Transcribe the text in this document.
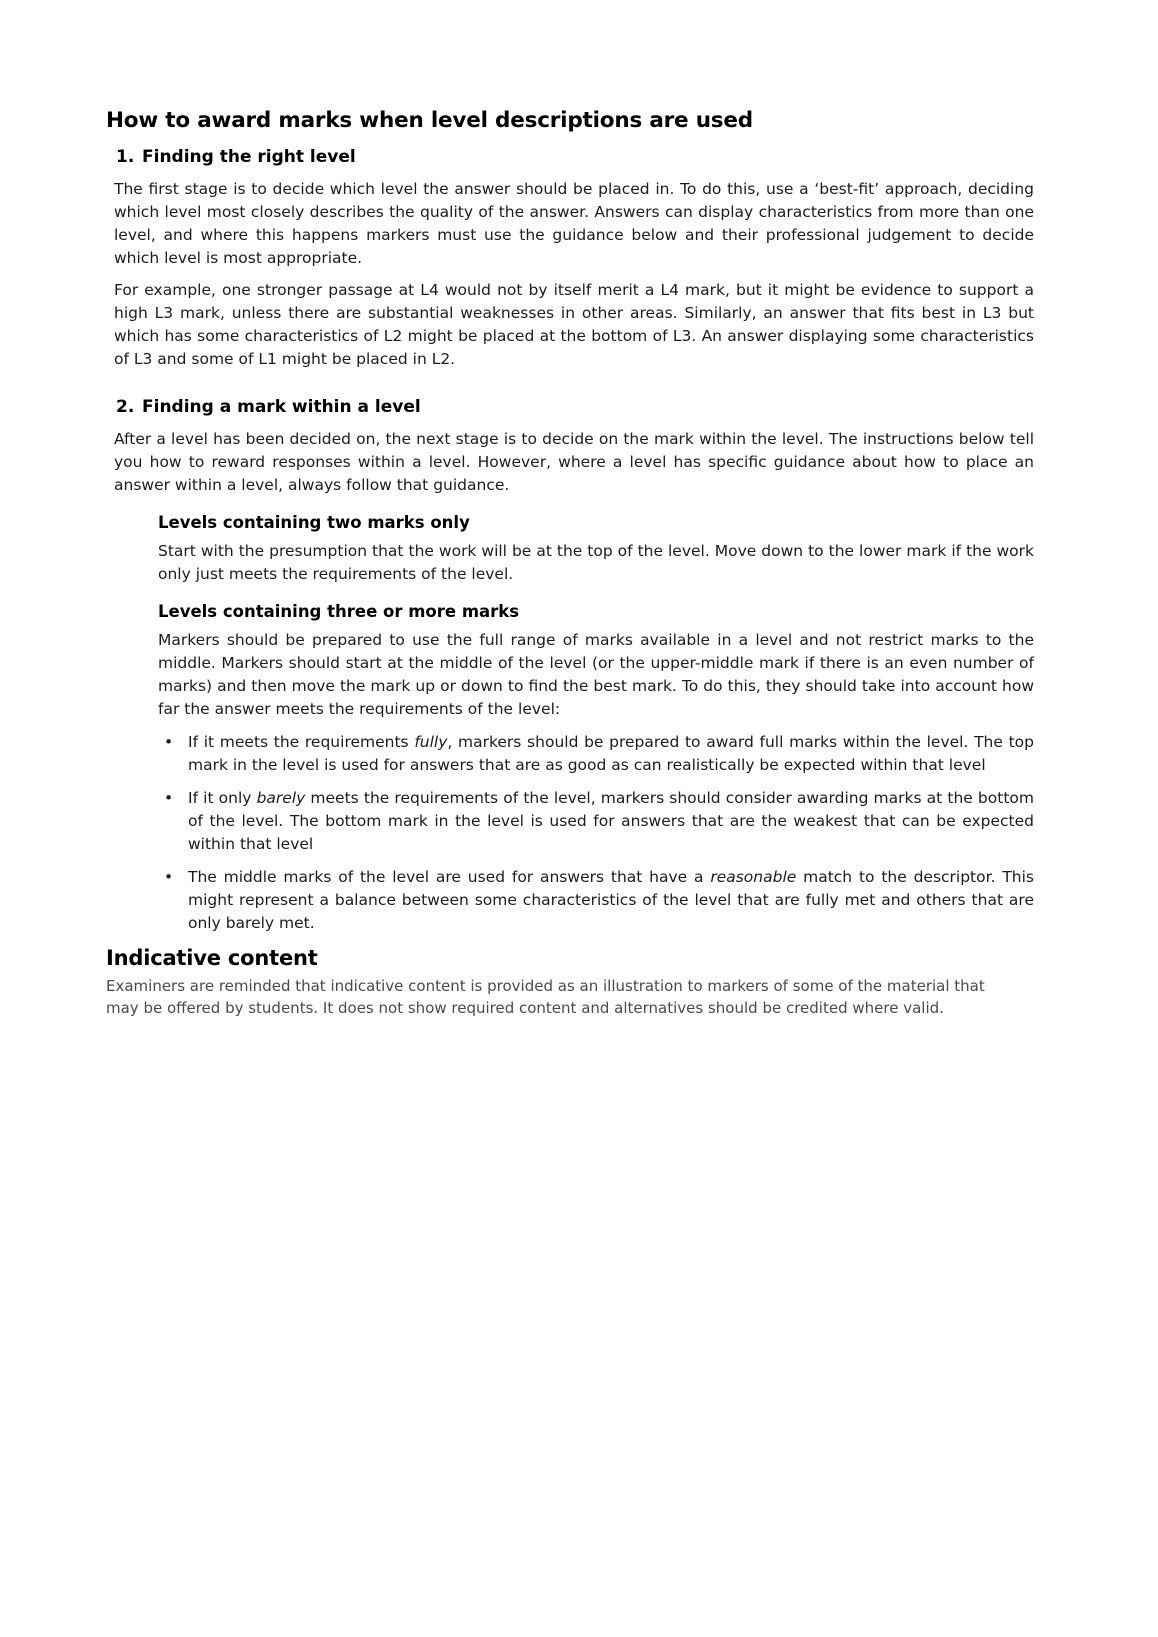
How to award marks when level descriptions are used
1. Finding the right level

The first stage is to decide which level the answer should be placed in. To do this, use a ‘best-fit’ approach, deciding which level most closely describes the quality of the answer. Answers can display characteristics from more than one level, and where this happens markers must use the guidance below and their professional judgement to decide which level is most appropriate.

For example, one stronger passage at L4 would not by itself merit a L4 mark, but it might be evidence to support a high L3 mark, unless there are substantial weaknesses in other areas. Similarly, an answer that fits best in L3 but which has some characteristics of L2 might be placed at the bottom of L3. An answer displaying some characteristics of L3 and some of L1 might be placed in L2.

2. Finding a mark within a level

After a level has been decided on, the next stage is to decide on the mark within the level. The instructions below tell you how to reward responses within a level. However, where a level has specific guidance about how to place an answer within a level, always follow that guidance.

Levels containing two marks only

Start with the presumption that the work will be at the top of the level. Move down to the lower mark if the work only just meets the requirements of the level.

Levels containing three or more marks

Markers should be prepared to use the full range of marks available in a level and not restrict marks to the middle. Markers should start at the middle of the level (or the upper-middle mark if there is an even number of marks) and then move the mark up or down to find the best mark. To do this, they should take into account how far the answer meets the requirements of the level:

• If it meets the requirements fully, markers should be prepared to award full marks within the level. The top mark in the level is used for answers that are as good as can realistically be expected within that level
• If it only barely meets the requirements of the level, markers should consider awarding marks at the bottom of the level. The bottom mark in the level is used for answers that are the weakest that can be expected within that level
• The middle marks of the level are used for answers that have a reasonable match to the descriptor. This might represent a balance between some characteristics of the level that are fully met and others that are only barely met.
Indicative content

Examiners are reminded that indicative content is provided as an illustration to markers of some of the material that may be offered by students. It does not show required content and alternatives should be credited where valid.
